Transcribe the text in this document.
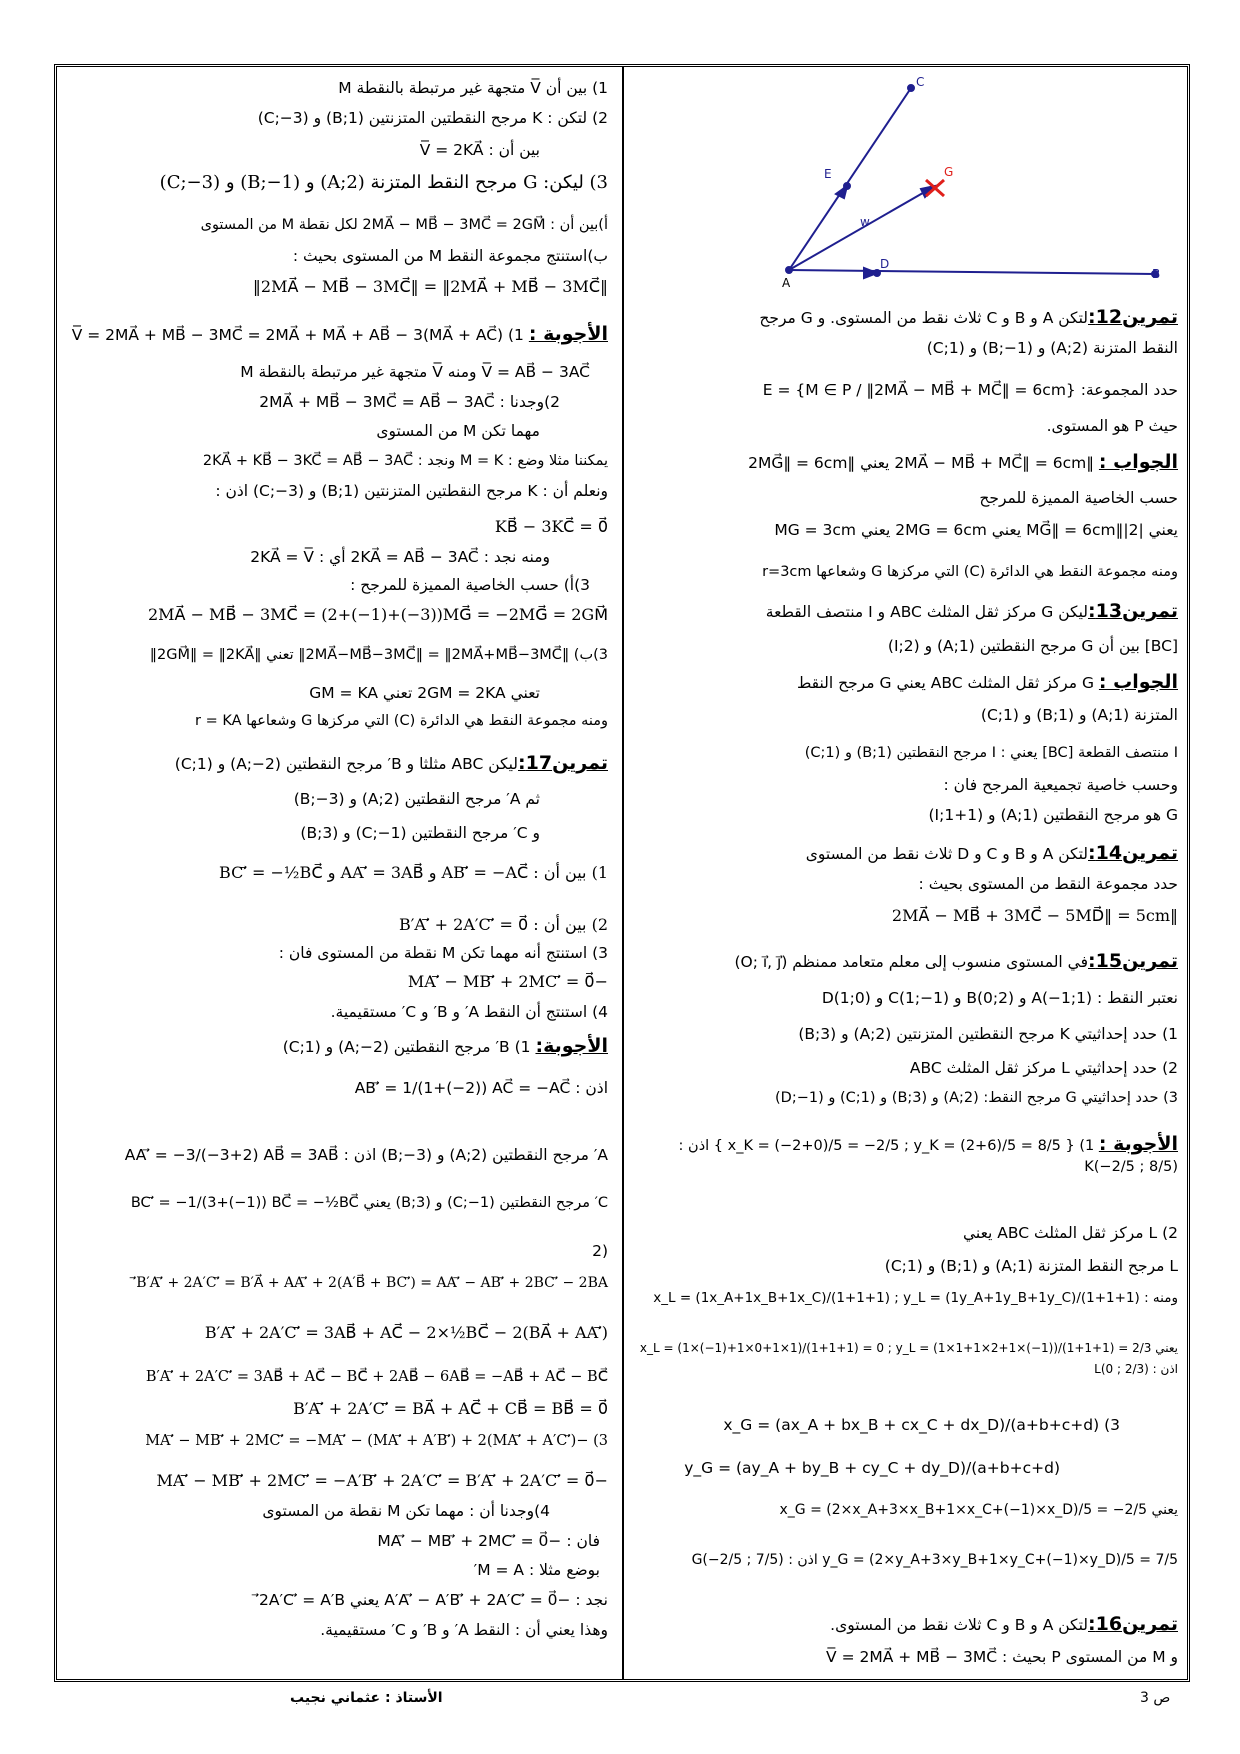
1) بين أن V̅ متجهة غير مرتبطة بالنقطة M
2) لتكن : K مرجح النقطتين المتزنتين (B;1) و (C;−3)
بين أن : V̅ = 2KA⃗
3) ليكن: G مرجح النقط المتزنة (A;2) و (B;−1) و (C;−3)
أ)بين أن : 2MA⃗ − MB⃗ − 3MC⃗ = 2GM⃗ لكل نقطة M من المستوى
ب)استنتج مجموعة النقط M من المستوى بحيث :
‖2MA⃗ − MB⃗ − 3MC⃗‖ = ‖2MA⃗ + MB⃗ − 3MC⃗‖
الأجوبة : 1) V̅ = 2MA⃗ + MB⃗ − 3MC⃗ = 2MA⃗ + MA⃗ + AB⃗ − 3(MA⃗ + AC⃗)
V̅ = AB⃗ − 3AC⃗ ومنه V̅ متجهة غير مرتبطة بالنقطة M
2)وجدنا : 2MA⃗ + MB⃗ − 3MC⃗ = AB⃗ − 3AC⃗
مهما تكن M من المستوى
يمكننا مثلا وضع : M = K ونجد : 2KA⃗ + KB⃗ − 3KC⃗ = AB⃗ − 3AC⃗
ونعلم أن : K مرجح النقطتين المتزنتين (B;1) و (C;−3) اذن :
KB⃗ − 3KC⃗ = 0⃗
ومنه نجد : 2KA⃗ = AB⃗ − 3AC⃗ أي : 2KA⃗ = V̅
3)أ) حسب الخاصية المميزة للمرجح :
2MA⃗ − MB⃗ − 3MC⃗ = (2+(−1)+(−3))MG⃗ = −2MG⃗ = 2GM⃗
3)ب) ‖2MA⃗−MB⃗−3MC⃗‖ = ‖2MA⃗+MB⃗−3MC⃗‖ تعني ‖2GM⃗‖ = ‖2KA⃗‖
تعني 2GM = 2KA تعني GM = KA
ومنه مجموعة النقط هي الدائرة (C) التي مركزها G وشعاعها r = KA
تمرين17:ليكن ABC مثلثا و B′ مرجح النقطتين (A;−2) و (C;1)
ثم A′ مرجح النقطتين (A;2) و (B;−3)
و C′ مرجح النقطتين (C;−1) و (B;3)
1) بين أن : AB′⃗ = −AC⃗ و AA′⃗ = 3AB⃗ و BC′⃗ = −½BC⃗
2) بين أن : B′A′⃗ + 2A′C′⃗ = 0⃗
3) استنتج أنه مهما تكن M نقطة من المستوى فان :
−MA′⃗ − MB′⃗ + 2MC′⃗ = 0⃗
4) استنتج أن النقط A′ و B′ و C′ مستقيمية.
الأجوبة: 1) B′ مرجح النقطتين (A;−2) و (C;1)
اذن : AB′⃗ = 1/(1+(−2)) AC⃗ = −AC⃗
A′ مرجح النقطتين (A;2) و (B;−3) اذن : AA′⃗ = −3/(−3+2) AB⃗ = 3AB⃗
C′ مرجح النقطتين (C;−1) و (B;3) يعني BC′⃗ = −1/(3+(−1)) BC⃗ = −½BC⃗
(2
B′A′⃗ + 2A′C′⃗ = B′A⃗ + AA′⃗ + 2(A′B⃗ + BC′⃗) = AA′⃗ − AB′⃗ + 2BC′⃗ − 2BA′⃗
B′A′⃗ + 2A′C′⃗ = 3AB⃗ + AC⃗ − 2×½BC⃗ − 2(BA⃗ + AA′⃗)
B′A′⃗ + 2A′C′⃗ = 3AB⃗ + AC⃗ − BC⃗ + 2AB⃗ − 6AB⃗ = −AB⃗ + AC⃗ − BC⃗
B′A′⃗ + 2A′C′⃗ = BA⃗ + AC⃗ + CB⃗ = BB⃗ = 0⃗
3) −MA′⃗ − MB′⃗ + 2MC′⃗ = −MA′⃗ − (MA′⃗ + A′B′⃗) + 2(MA′⃗ + A′C′⃗)
−MA′⃗ − MB′⃗ + 2MC′⃗ = −A′B′⃗ + 2A′C′⃗ = B′A′⃗ + 2A′C′⃗ = 0⃗
4)وجدنا أن : مهما تكن M نقطة من المستوى
فان : −MA′⃗ − MB′⃗ + 2MC′⃗ = 0⃗
بوضع مثلا : M = A′
نجد : −A′A′⃗ − A′B′⃗ + 2A′C′⃗ = 0⃗ يعني 2A′C′⃗ = A′B′⃗
وهذا يعني أن : النقط A′ و B′ و C′ مستقيمية.
C
E	G
w
A
D
B
تمرين12:لتكن A و B و C ثلاث نقط من المستوى. و G مرجح
النقط المتزنة (A;2) و (B;−1) و (C;1)
حدد المجموعة: E = {M ∈ P / ‖2MA⃗ − MB⃗ + MC⃗‖ = 6cm}
حيث P هو المستوى.
الجواب : ‖2MA⃗ − MB⃗ + MC⃗‖ = 6cm يعني ‖2MG⃗‖ = 6cm
حسب الخاصية المميزة للمرجح
يعني |2|‖MG⃗‖ = 6cm يعني 2MG = 6cm يعني MG = 3cm
ومنه مجموعة النقط هي الدائرة (C) التي مركزها G وشعاعها r=3cm
تمرين13:ليكن G مركز ثقل المثلث ABC و I منتصف القطعة
[BC] بين أن G مرجح النقطتين (A;1) و (I;2)
الجواب : G مركز ثقل المثلث ABC يعني G مرجح النقط
المتزنة (A;1) و (B;1) و (C;1)
I منتصف القطعة [BC] يعني : I مرجح النقطتين (B;1) و (C;1)
وحسب خاصية تجميعية المرجح فان :
G هو مرجح النقطتين (A;1) و (I;1+1)
تمرين14:لتكن A و B و C و D ثلاث نقط من المستوى
حدد مجموعة النقط من المستوى بحيث :
‖2MA⃗ − MB⃗ + 3MC⃗ − 5MD⃗‖ = 5cm
تمرين15:في المستوى منسوب إلى معلم متعامد ممنظم (O; i⃗, j⃗)
نعتبر النقط : A(−1;1) و B(0;2) و C(1;−1) و D(1;0)
1) حدد إحداثيتي K مرجح النقطتين المتزنتين (A;2) و (B;3)
2) حدد إحداثيتي L مركز ثقل المثلث ABC
3) حدد إحداثيتي G مرجح النقط: (A;2) و (B;3) و (C;1) و (D;−1)
الأجوبة : 1) { x_K = (−2+0)/5 = −2/5 ; y_K = (2+6)/5 = 8/5 } اذن : K(−2/5 ; 8/5)
2) L مركز ثقل المثلث ABC يعني
L مرجح النقط المتزنة (A;1) و (B;1) و (C;1)
ومنه : x_L = (1x_A+1x_B+1x_C)/(1+1+1) ; y_L = (1y_A+1y_B+1y_C)/(1+1+1)
يعني x_L = (1×(−1)+1×0+1×1)/(1+1+1) = 0 ; y_L = (1×1+1×2+1×(−1))/(1+1+1) = 2/3 اذن : L(0 ; 2/3)
3) x_G = (ax_A + bx_B + cx_C + dx_D)/(a+b+c+d)
y_G = (ay_A + by_B + cy_C + dy_D)/(a+b+c+d)
يعني x_G = (2×x_A+3×x_B+1×x_C+(−1)×x_D)/5 = −2/5
y_G = (2×y_A+3×y_B+1×y_C+(−1)×y_D)/5 = 7/5 اذن : G(−2/5 ; 7/5)
تمرين16:لتكن A و B و C ثلاث نقط من المستوى.
و M من المستوى P بحيث : V̅ = 2MA⃗ + MB⃗ − 3MC⃗
الأستاذ : عثماني نجيب	ص 3
